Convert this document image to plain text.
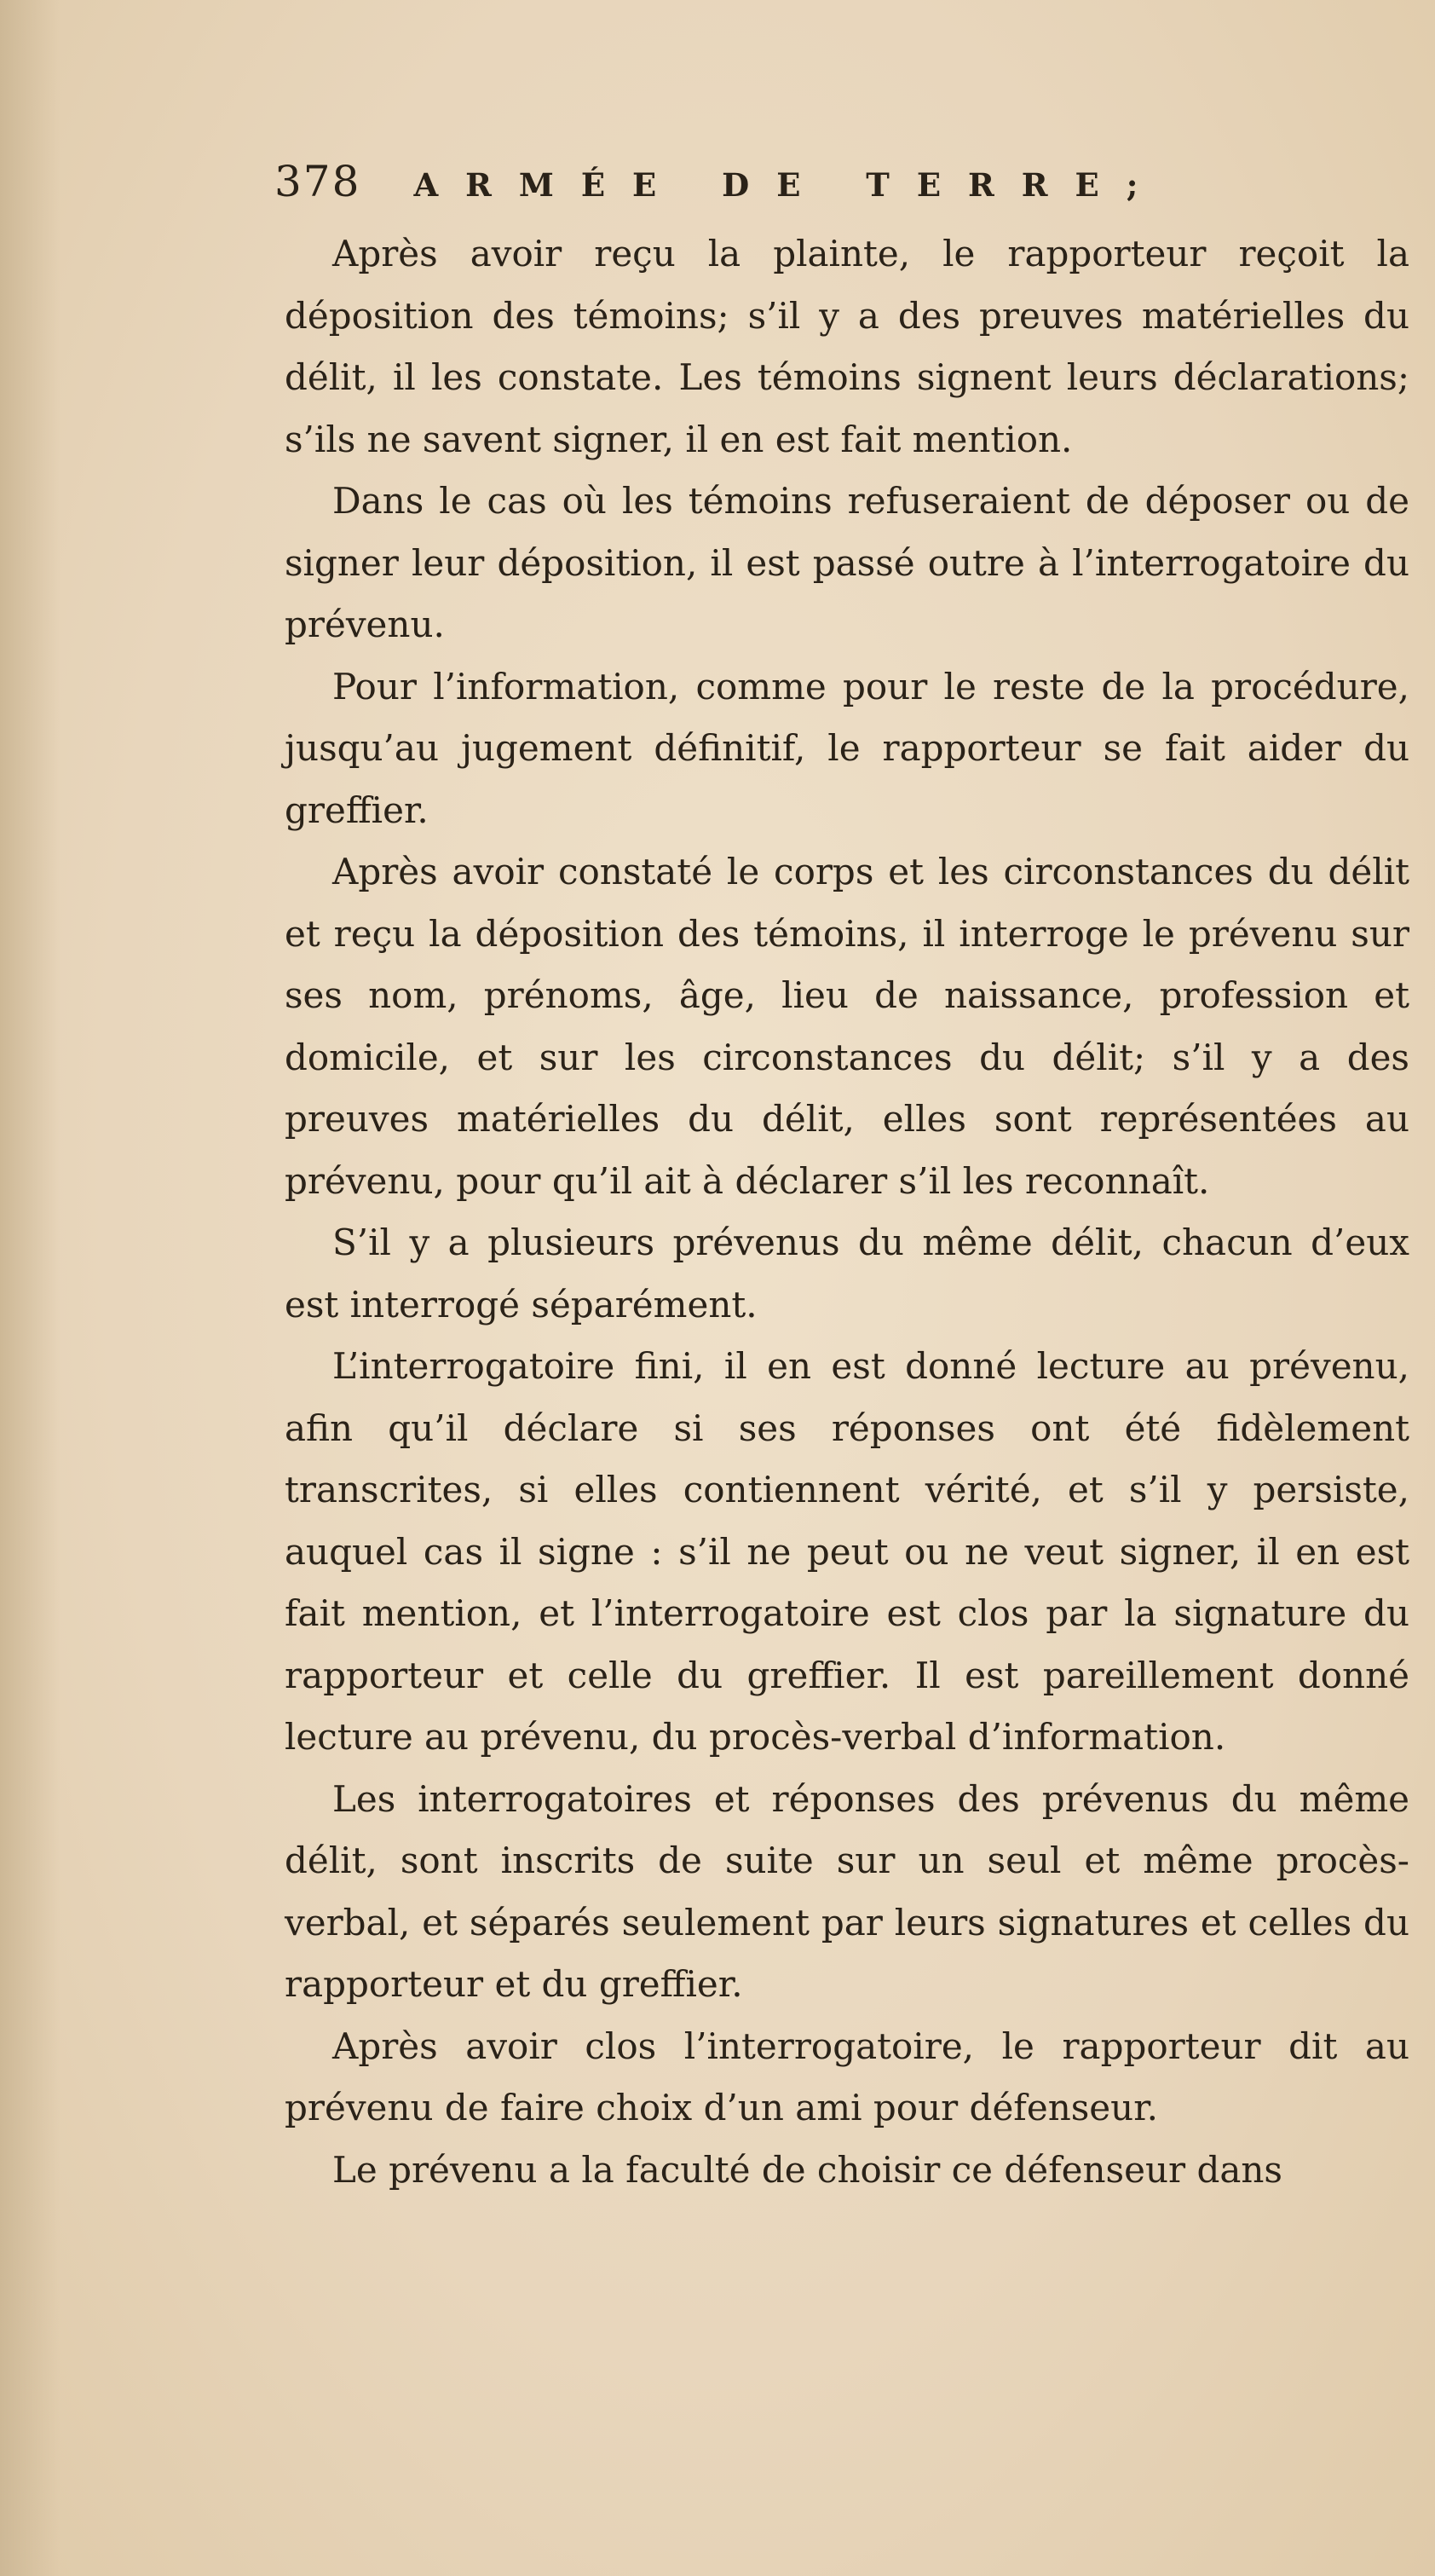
378 ARMÉE DE TERRE;

Après avoir reçu la plainte, le rapporteur reçoit la déposition des témoins; s’il y a des preuves matérielles du délit, il les constate. Les témoins signent leurs déclarations; s’ils ne savent signer, il en est fait mention.

Dans le cas où les témoins refuseraient de déposer ou de signer leur déposition, il est passé outre à l’interrogatoire du prévenu.

Pour l’information, comme pour le reste de la procédure, jusqu’au jugement définitif, le rapporteur se fait aider du greffier.

Après avoir constaté le corps et les circonstances du délit et reçu la déposition des témoins, il interroge le prévenu sur ses nom, prénoms, âge, lieu de naissance, profession et domicile, et sur les circonstances du délit; s’il y a des preuves matérielles du délit, elles sont représentées au prévenu, pour qu’il ait à déclarer s’il les reconnaît.

S’il y a plusieurs prévenus du même délit, chacun d’eux est interrogé séparément.

L’interrogatoire fini, il en est donné lecture au prévenu, afin qu’il déclare si ses réponses ont été fidèlement transcrites, si elles contiennent vérité, et s’il y persiste, auquel cas il signe : s’il ne peut ou ne veut signer, il en est fait mention, et l’interrogatoire est clos par la signature du rapporteur et celle du greffier. Il est pareillement donné lecture au prévenu, du procès-verbal d’information.

Les interrogatoires et réponses des prévenus du même délit, sont inscrits de suite sur un seul et même procès-verbal, et séparés seulement par leurs signatures et celles du rapporteur et du greffier.

Après avoir clos l’interrogatoire, le rapporteur dit au prévenu de faire choix d’un ami pour défenseur.

Le prévenu a la faculté de choisir ce défenseur dans
